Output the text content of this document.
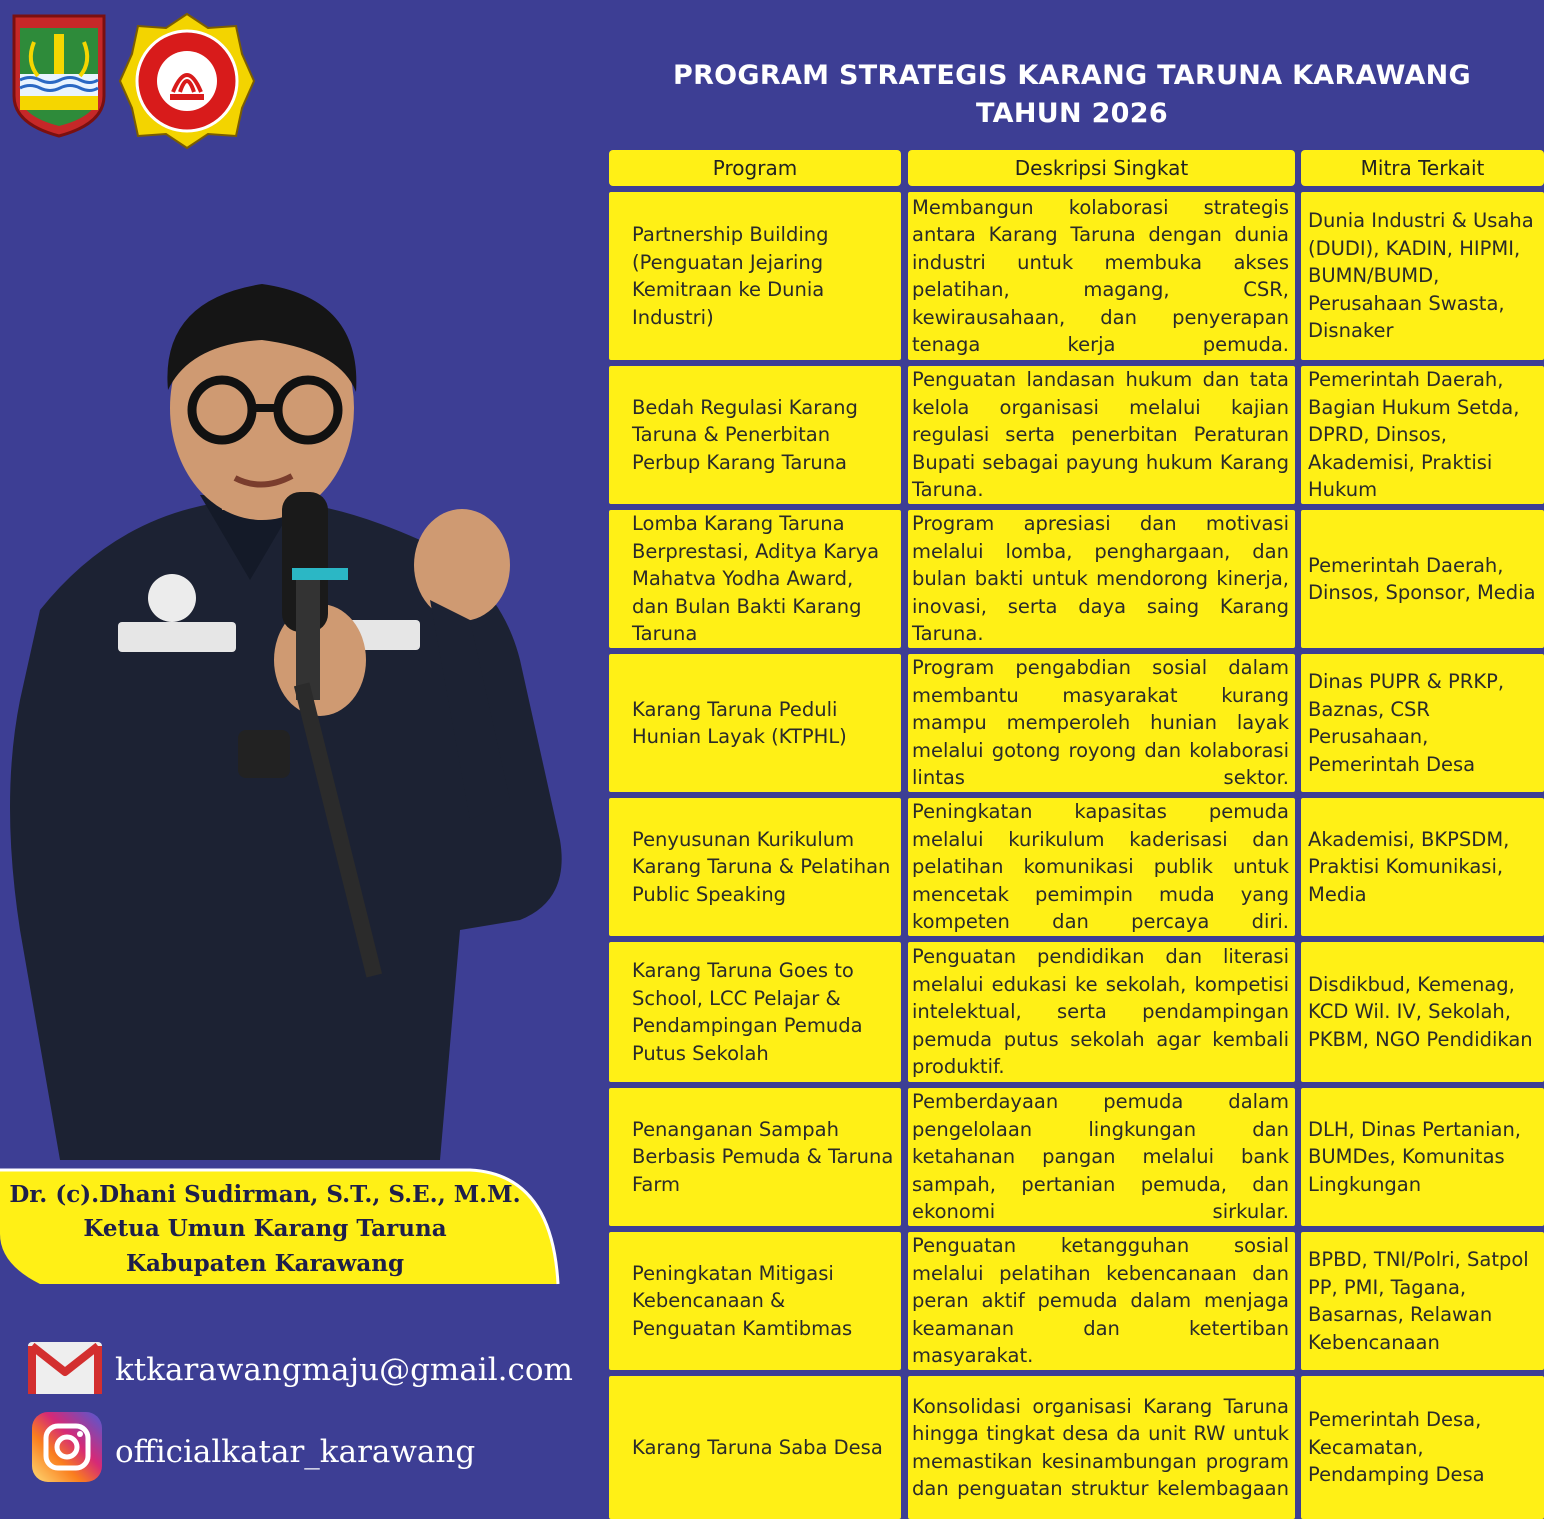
PROGRAM STRATEGIS KARANG TARUNA KARAWANG
TAHUN 2026
Program	Deskripsi Singkat	Mitra Terkait
Partnership Building (Penguatan Jejaring Kemitraan ke Dunia Industri)
Membangun kolaborasi strategis antara Karang Taruna dengan dunia industri untuk membuka akses pelatihan, magang, CSR, kewirausahaan, dan penyerapan tenaga kerja pemuda.
Dunia Industri & Usaha (DUDI), KADIN, HIPMI, BUMN/BUMD, Perusahaan Swasta, Disnaker
Bedah Regulasi Karang Taruna & Penerbitan Perbup Karang Taruna
Penguatan landasan hukum dan tata kelola organisasi melalui kajian regulasi serta penerbitan Peraturan Bupati sebagai payung hukum Karang Taruna.
Pemerintah Daerah, Bagian Hukum Setda, DPRD, Dinsos, Akademisi, Praktisi Hukum
Lomba Karang Taruna Berprestasi, Aditya Karya Mahatva Yodha Award, dan Bulan Bakti Karang Taruna
Program apresiasi dan motivasi melalui lomba, penghargaan, dan bulan bakti untuk mendorong kinerja, inovasi, serta daya saing Karang Taruna.
Pemerintah Daerah, Dinsos, Sponsor, Media
Karang Taruna Peduli Hunian Layak (KTPHL)
Program pengabdian sosial dalam membantu masyarakat kurang mampu memperoleh hunian layak melalui gotong royong dan kolaborasi lintas sektor.
Dinas PUPR & PRKP, Baznas, CSR Perusahaan, Pemerintah Desa
Penyusunan Kurikulum Karang Taruna & Pelatihan Public Speaking
Peningkatan kapasitas pemuda melalui kurikulum kaderisasi dan pelatihan komunikasi publik untuk mencetak pemimpin muda yang kompeten dan percaya diri.
Akademisi, BKPSDM, Praktisi Komunikasi, Media
Karang Taruna Goes to School, LCC Pelajar & Pendampingan Pemuda Putus Sekolah
Penguatan pendidikan dan literasi melalui edukasi ke sekolah, kompetisi intelektual, serta pendampingan pemuda putus sekolah agar kembali produktif.
Disdikbud, Kemenag, KCD Wil. IV, Sekolah, PKBM, NGO Pendidikan
Penanganan Sampah Berbasis Pemuda & Taruna Farm
Pemberdayaan pemuda dalam pengelolaan lingkungan dan ketahanan pangan melalui bank sampah, pertanian pemuda, dan ekonomi sirkular.
DLH, Dinas Pertanian, BUMDes, Komunitas Lingkungan
Peningkatan Mitigasi Kebencanaan & Penguatan Kamtibmas
Penguatan ketangguhan sosial melalui pelatihan kebencanaan dan peran aktif pemuda dalam menjaga keamanan dan ketertiban masyarakat.
BPBD, TNI/Polri, Satpol PP, PMI, Tagana, Basarnas, Relawan Kebencanaan
Karang Taruna Saba Desa
Konsolidasi organisasi Karang Taruna hingga tingkat desa da unit RW untuk memastikan kesinambungan program dan penguatan struktur kelembagaan
Pemerintah Desa, Kecamatan, Pendamping Desa
Dr. (c).Dhani Sudirman, S.T., S.E., M.M.
Ketua Umun Karang Taruna
Kabupaten Karawang
ktkarawangmaju@gmail.com
officialkatar_karawang
